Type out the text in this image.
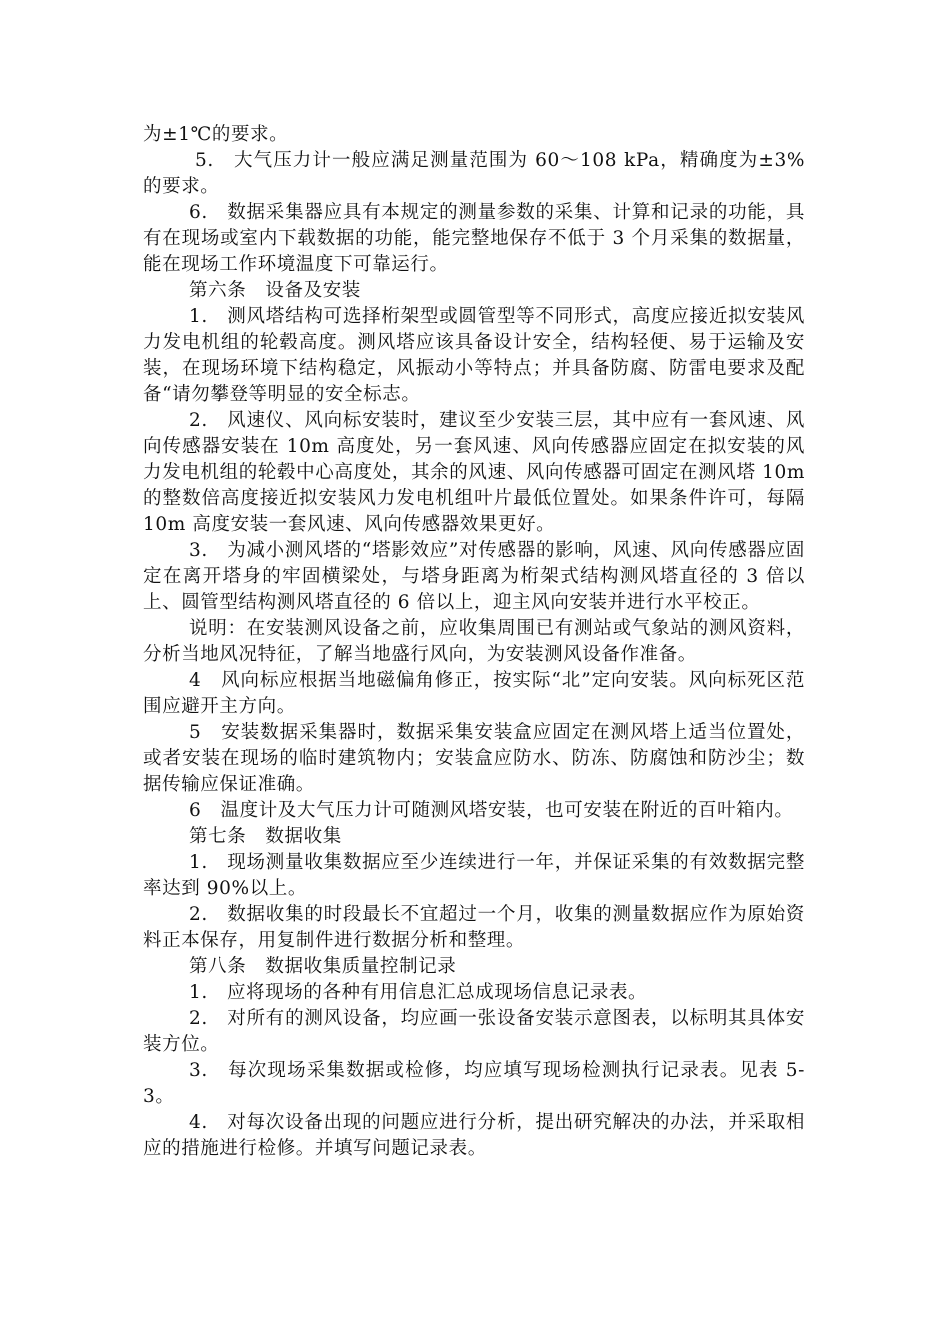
为±1℃的要求。

5.　大气压力计一般应满足测量范围为 60～108 kPa，精确度为±3%的要求。

6.　数据采集器应具有本规定的测量参数的采集、计算和记录的功能，具有在现场或室内下载数据的功能，能完整地保存不低于 3 个月采集的数据量，能在现场工作环境温度下可靠运行。

第六条　设备及安装

1.　测风塔结构可选择桁架型或圆管型等不同形式，高度应接近拟安装风力发电机组的轮毂高度。测风塔应该具备设计安全，结构轻便、易于运输及安装，在现场环境下结构稳定，风振动小等特点；并具备防腐、防雷电要求及配备“请勿攀登等明显的安全标志。

2.　风速仪、风向标安装时，建议至少安装三层，其中应有一套风速、风向传感器安装在 10m 高度处，另一套风速、风向传感器应固定在拟安装的风力发电机组的轮毂中心高度处，其余的风速、风向传感器可固定在测风塔 10m 的整数倍高度接近拟安装风力发电机组叶片最低位置处。如果条件许可，每隔 10m 高度安装一套风速、风向传感器效果更好。

3.　为减小测风塔的“塔影效应”对传感器的影响，风速、风向传感器应固定在离开塔身的牢固横梁处，与塔身距离为桁架式结构测风塔直径的 3 倍以上、圆管型结构测风塔直径的 6 倍以上，迎主风向安装并进行水平校正。

说明：在安装测风设备之前，应收集周围已有测站或气象站的测风资料，分析当地风况特征，了解当地盛行风向，为安装测风设备作准备。

4　风向标应根据当地磁偏角修正，按实际“北”定向安装。风向标死区范围应避开主方向。

5　安装数据采集器时，数据采集安装盒应固定在测风塔上适当位置处，或者安装在现场的临时建筑物内；安装盒应防水、防冻、防腐蚀和防沙尘；数据传输应保证准确。

6　温度计及大气压力计可随测风塔安装，也可安装在附近的百叶箱内。

第七条　数据收集

1.　现场测量收集数据应至少连续进行一年，并保证采集的有效数据完整率达到 90%以上。

2.　数据收集的时段最长不宜超过一个月，收集的测量数据应作为原始资料正本保存，用复制件进行数据分析和整理。

第八条　数据收集质量控制记录

1.　应将现场的各种有用信息汇总成现场信息记录表。

2.　对所有的测风设备，均应画一张设备安装示意图表，以标明其具体安装方位。

3.　每次现场采集数据或检修，均应填写现场检测执行记录表。见表 5-3。

4.　对每次设备出现的问题应进行分析，提出研究解决的办法，并采取相应的措施进行检修。并填写问题记录表。
